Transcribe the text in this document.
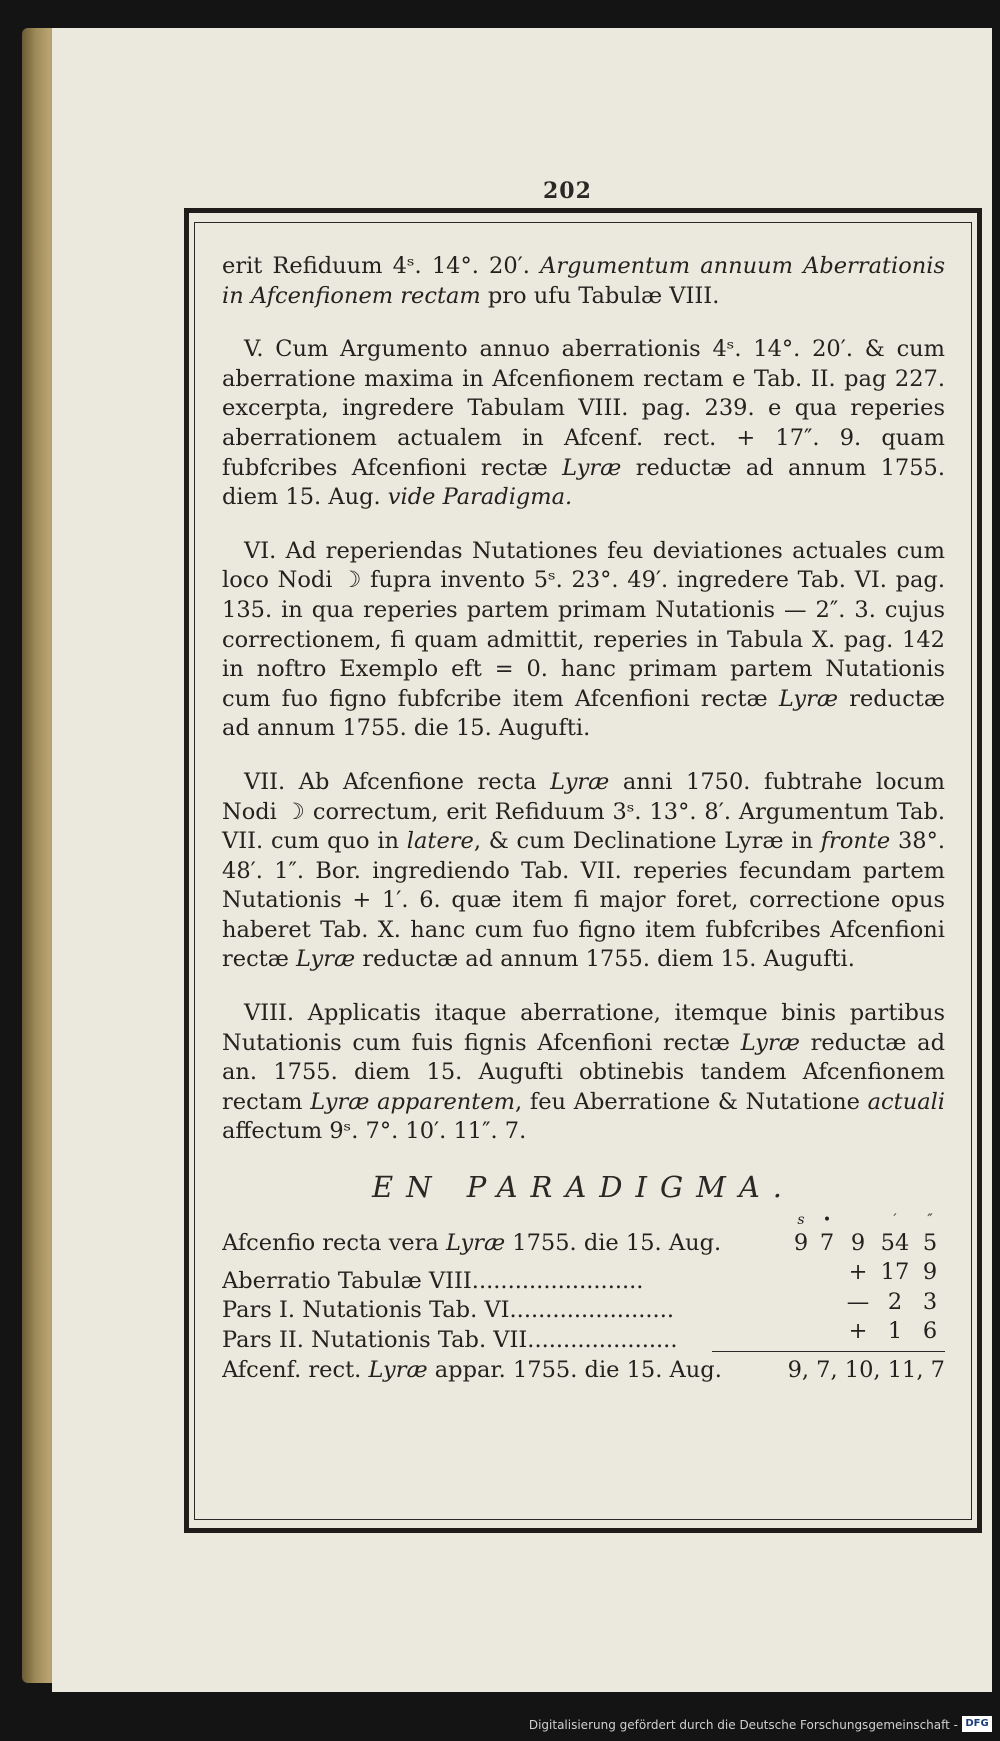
202

erit Refiduum 4ˢ. 14°. 20′. Argumentum annuum Aberrationis in Afcenfionem rectam pro ufu Tabulæ VIII.

V. Cum Argumento annuo aberrationis 4ˢ. 14°. 20′. & cum aberratione maxima in Afcenfionem rectam e Tab. II. pag 227. excerpta, ingredere Tabulam VIII. pag. 239. e qua reperies aberrationem actualem in Afcenf. rect. + 17″. 9. quam fubfcribes Afcenfioni rectæ Lyræ reductæ ad annum 1755. diem 15. Aug. vide Paradigma.

VI. Ad reperiendas Nutationes feu deviationes actuales cum loco Nodi ☽ fupra invento 5ˢ. 23°. 49′. ingredere Tab. VI. pag. 135. in qua reperies partem primam Nutationis — 2″. 3. cujus correctionem, fi quam admittit, reperies in Tabula X. pag. 142 in noftro Exemplo eft = 0. hanc primam partem Nutationis cum fuo figno fubfcribe item Afcenfioni rectæ Lyræ reductæ ad annum 1755. die 15. Augufti.

VII. Ab Afcenfione recta Lyræ anni 1750. fubtrahe locum Nodi ☽ correctum, erit Refiduum 3ˢ. 13°. 8′. Argumentum Tab. VII. cum quo in latere, & cum Declinatione Lyræ in fronte 38°. 48′. 1″. Bor. ingrediendo Tab. VII. reperies fecundam partem Nutationis + 1′. 6. quæ item fi major foret, correctione opus haberet Tab. X. hanc cum fuo figno item fubfcribes Afcenfioni rectæ Lyræ reductæ ad annum 1755. diem 15. Augufti.

VIII. Applicatis itaque aberratione, itemque binis partibus Nutationis cum fuis fignis Afcenfioni rectæ Lyræ reductæ ad an. 1755. diem 15. Augufti obtinebis tandem Afcenfionem rectam Lyræ apparentem, feu Aberratione & Nutatione actuali affectum 9ˢ. 7°. 10′. 11″. 7.

EN PARADIGMA.
s	•	′	″
Afcenfio recta vera Lyræ 1755. die 15. Aug.	9 7 9 54 5
Aberratio Tabulæ VIII........................	+ 17 9
Pars I. Nutationis Tab. VI.......................	— 2 3
Pars II. Nutationis Tab. VII.....................	+ 1 6
Afcenf. rect. Lyræ appar. 1755. die 15. Aug.	9, 7, 10, 11, 7
Digitalisierung gefördert durch die Deutsche Forschungsgemeinschaft - DFG
